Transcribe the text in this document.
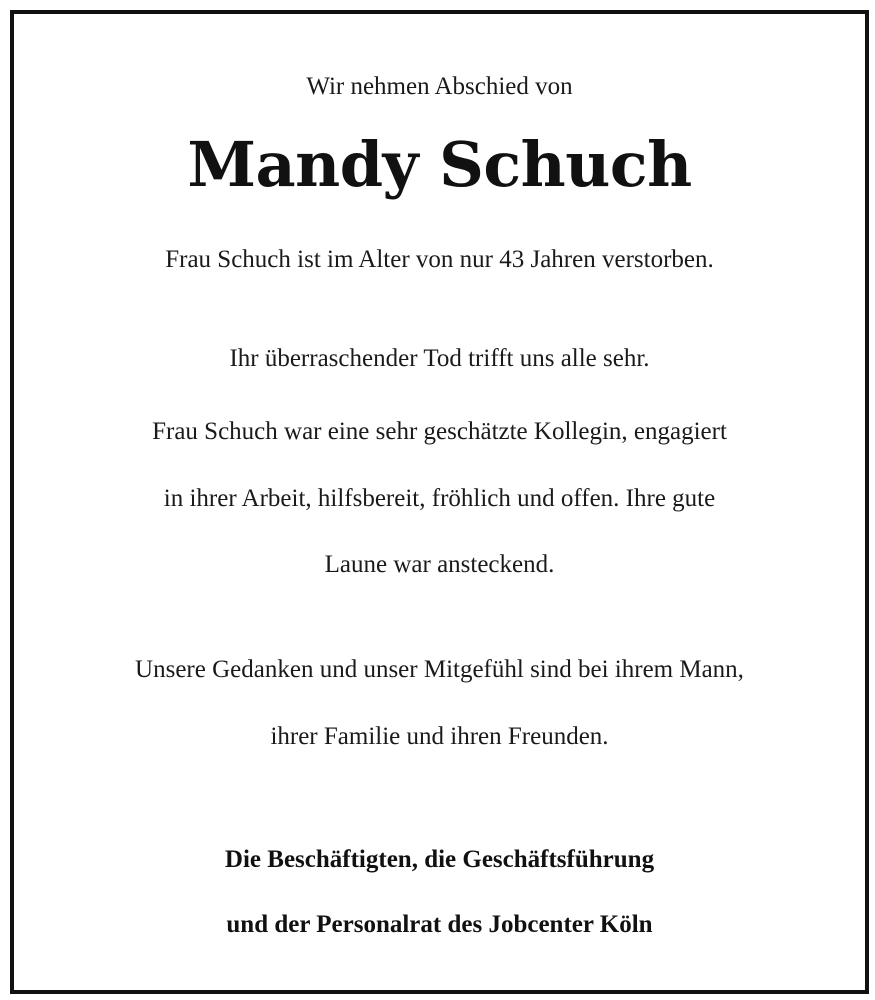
Wir nehmen Abschied von
Mandy Schuch
Frau Schuch ist im Alter von nur 43 Jahren verstorben.
Ihr überraschender Tod trifft uns alle sehr.
Frau Schuch war eine sehr geschätzte Kollegin, engagiert
in ihrer Arbeit, hilfsbereit, fröhlich und offen. Ihre gute
Laune war ansteckend.
Unsere Gedanken und unser Mitgefühl sind bei ihrem Mann,
ihrer Familie und ihren Freunden.
Die Beschäftigten, die Geschäftsführung
und der Personalrat des Jobcenter Köln
